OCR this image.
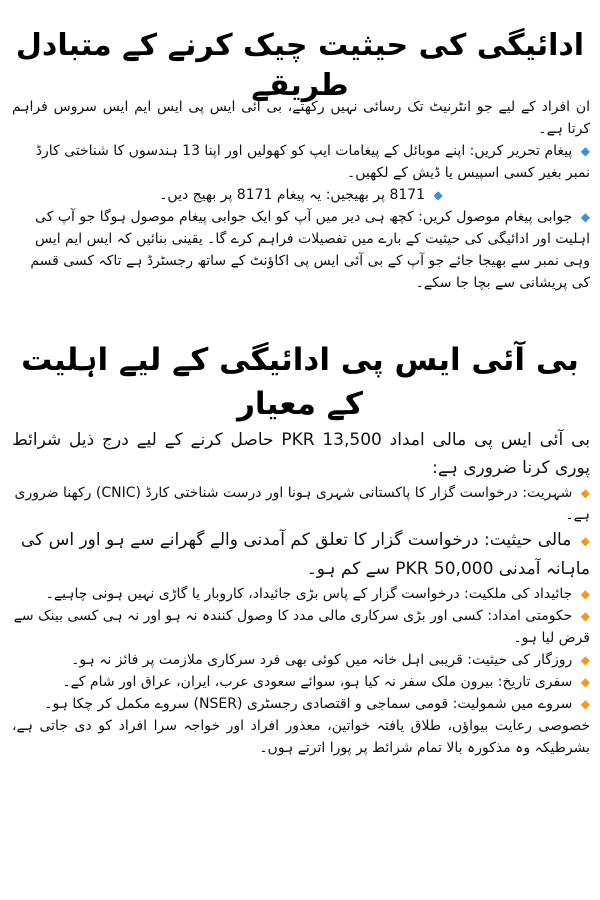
ادائیگی کی حیثیت چیک کرنے کے متبادل طریقے

ان افراد کے لیے جو انٹرنیٹ تک رسائی نہیں رکھتے، بی آئی ایس پی ایس ایم ایس سروس فراہم کرتا ہے۔

◆ پیغام تحریر کریں: اپنے موبائل کے پیغامات ایپ کو کھولیں اور اپنا 13 ہندسوں کا شناختی کارڈ نمبر بغیر کسی اسپیس یا ڈیش کے لکھیں۔

◆ 8171 پر بھیجیں: یہ پیغام 8171 پر بھیج دیں۔

◆ جوابی پیغام موصول کریں: کچھ ہی دیر میں آپ کو ایک جوابی پیغام موصول ہوگا جو آپ کی اہلیت اور ادائیگی کی حیثیت کے بارے میں تفصیلات فراہم کرے گا۔ یقینی بنائیں کہ ایس ایم ایس وہی نمبر سے بھیجا جائے جو آپ کے بی آئی ایس پی اکاؤنٹ کے ساتھ رجسٹرڈ ہے تاکہ کسی قسم کی پریشانی سے بچا جا سکے۔

بی آئی ایس پی ادائیگی کے لیے اہلیت کے معیار

بی آئی ایس پی مالی امداد PKR 13,500 حاصل کرنے کے لیے درج ذیل شرائط پوری کرنا ضروری ہے:

◆ شہریت: درخواست گزار کا پاکستانی شہری ہونا اور درست شناختی کارڈ (CNIC) رکھنا ضروری ہے۔

◆ مالی حیثیت: درخواست گزار کا تعلق کم آمدنی والے گھرانے سے ہو اور اس کی ماہانہ آمدنی PKR 50,000 سے کم ہو۔

◆ جائیداد کی ملکیت: درخواست گزار کے پاس بڑی جائیداد، کاروبار یا گاڑی نہیں ہونی چاہیے۔

◆ حکومتی امداد: کسی اور بڑی سرکاری مالی مدد کا وصول کنندہ نہ ہو اور نہ ہی کسی بینک سے قرض لیا ہو۔

◆ روزگار کی حیثیت: قریبی اہل خانہ میں کوئی بھی فرد سرکاری ملازمت پر فائز نہ ہو۔

◆ سفری تاریخ: بیرون ملک سفر نہ کیا ہو، سوائے سعودی عرب، ایران، عراق اور شام کے۔

◆ سروے میں شمولیت: قومی سماجی و اقتصادی رجسٹری (NSER) سروے مکمل کر چکا ہو۔

خصوصی رعایت بیواؤں، طلاق یافتہ خواتین، معذور افراد اور خواجہ سرا افراد کو دی جاتی ہے، بشرطیکہ وہ مذکورہ بالا تمام شرائط پر پورا اترتے ہوں۔
